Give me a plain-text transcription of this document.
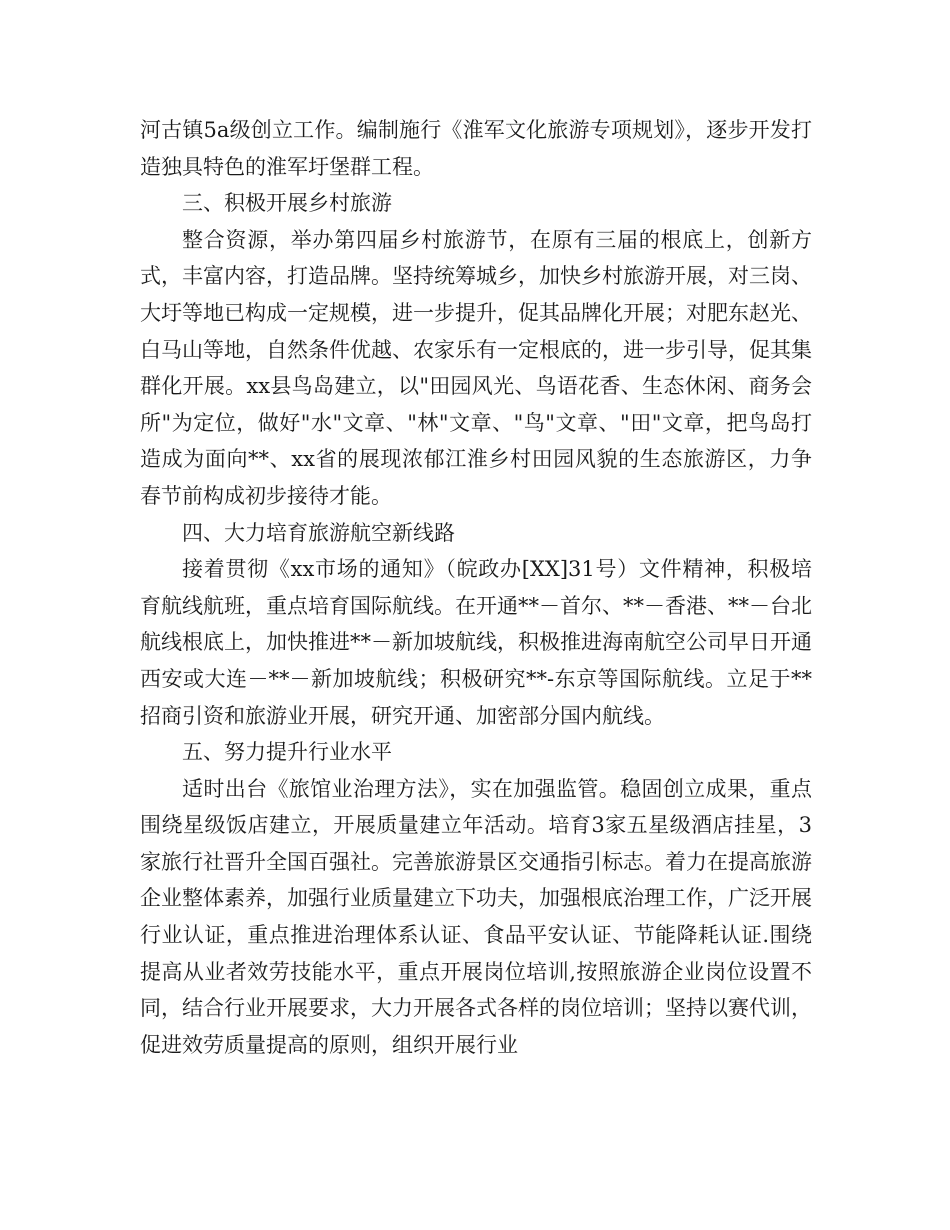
河古镇5a级创立工作。编制施行《淮军文化旅游专项规划》，逐步开发打造独具特色的淮军圩堡群工程。

三、积极开展乡村旅游

整合资源，举办第四届乡村旅游节，在原有三届的根底上，创新方式，丰富内容，打造品牌。坚持统筹城乡，加快乡村旅游开展，对三岗、大圩等地已构成一定规模，进一步提升，促其品牌化开展；对肥东赵光、白马山等地，自然条件优越、农家乐有一定根底的，进一步引导，促其集群化开展。xx县鸟岛建立，以"田园风光、鸟语花香、生态休闲、商务会所"为定位，做好"水"文章、"林"文章、"鸟"文章、"田"文章，把鸟岛打造成为面向**、xx省的展现浓郁江淮乡村田园风貌的生态旅游区，力争春节前构成初步接待才能。

四、大力培育旅游航空新线路

接着贯彻《xx市场的通知》（皖政办[XX]31号）文件精神，积极培育航线航班，重点培育国际航线。在开通**－首尔、**－香港、**－台北航线根底上，加快推进**－新加坡航线，积极推进海南航空公司早日开通西安或大连－**－新加坡航线；积极研究**-东京等国际航线。立足于**招商引资和旅游业开展，研究开通、加密部分国内航线。

五、努力提升行业水平

适时出台《旅馆业治理方法》，实在加强监管。稳固创立成果，重点围绕星级饭店建立，开展质量建立年活动。培育3家五星级酒店挂星，3家旅行社晋升全国百强社。完善旅游景区交通指引标志。着力在提高旅游企业整体素养，加强行业质量建立下功夫，加强根底治理工作，广泛开展行业认证，重点推进治理体系认证、食品平安认证、节能降耗认证.围绕提高从业者效劳技能水平，重点开展岗位培训,按照旅游企业岗位设置不同，结合行业开展要求，大力开展各式各样的岗位培训；坚持以赛代训，促进效劳质量提高的原则，组织开展行业
